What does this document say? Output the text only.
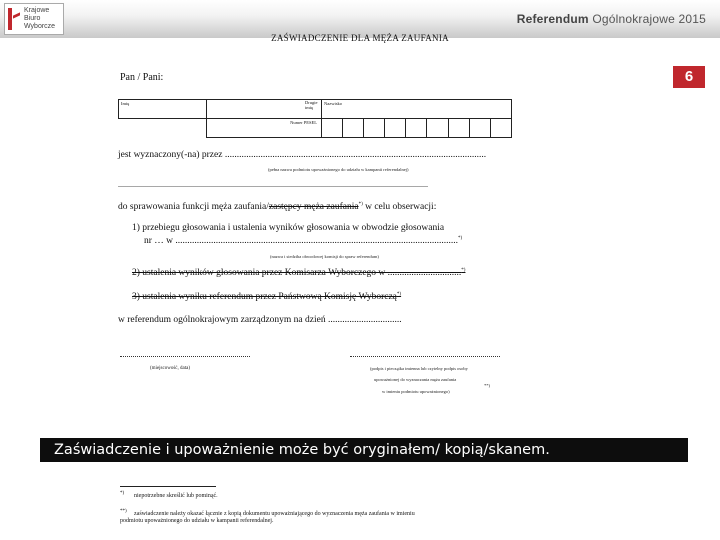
Krajowe
Biuro
Wyborcze
Referendum Ogólnokrajowe 2015
ZAŚWIADCZENIE DLA MĘŻA ZAUFANIA
6
Pan / Pani:
Imię	Drugie imię	Nazwisko								
	Numer PESEL									
jest wyznaczony(-na) przez ..............................................................................................................
(pełna nazwa podmiotu upoważnionego do udziału w kampanii referendalnej)
...........................................................................................................................................................
do sprawowania funkcji męża zaufania/zastępcy męża zaufania*) w celu obserwacji:
1) przebiegu głosowania i ustalenia wyników głosowania w obwodzie głosowania
nr … w .......................................................................................................................*)
(nazwa i siedziba obwodowej komisji do spraw referendum)
2) ustalenia wyników głosowania przez Komisarza Wyborczego w ...............................*)
3) ustalenia wyniku referendum przez Państwową Komisję Wyborczą*)
w referendum ogólnokrajowym zarządzonym na dzień ...............................
(miejscowość, data)	(podpis i pieczątka imienna lub czytelny podpis osoby
upoważnionej do wyznaczania męża zaufania
**)
w imieniu podmiotu upoważnionego)
Zaświadczenie i upoważnienie może być oryginałem/ kopią/skanem.
*) niepotrzebne skreślić lub pominąć.
**) zaświadczenie należy okazać łącznie z kopią dokumentu upoważniającego do wyznaczenia męża zaufania w imieniu
podmiotu upoważnionego do udziału w kampanii referendalnej.
